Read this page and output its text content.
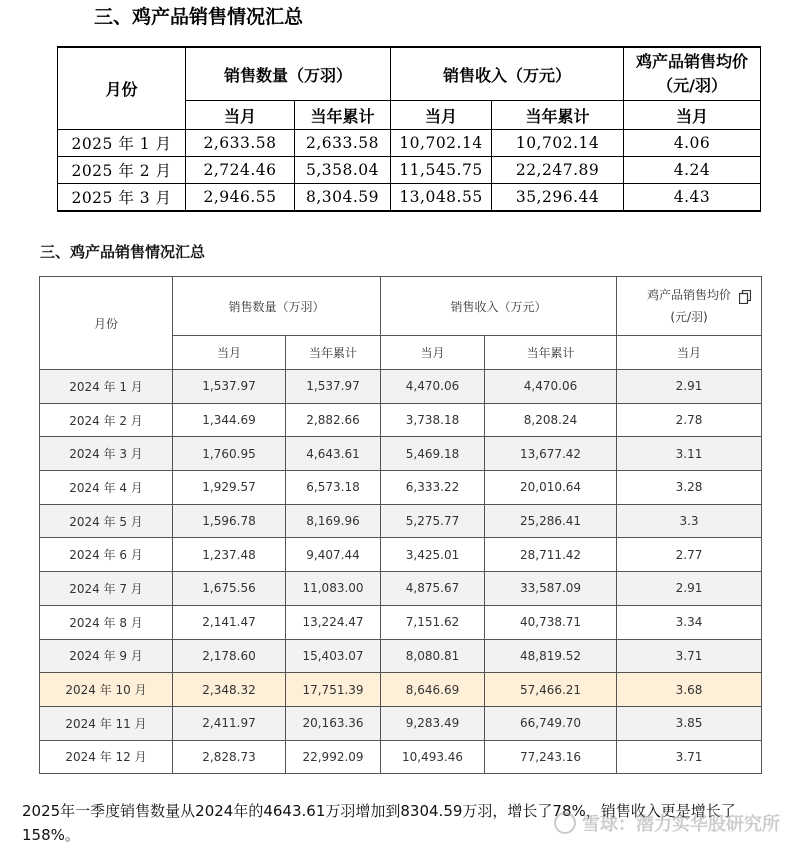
三、鸡产品销售情况汇总
月份	销售数量（万羽）		销售收入（万元）		鸡产品销售均价（元/羽）
	当月	当年累计	当月	当年累计	当月
2025 年 1 月	2,633.58	2,633.58	10,702.14	10,702.14	4.06
2025 年 2 月	2,724.46	5,358.04	11,545.75	22,247.89	4.24
2025 年 3 月	2,946.55	8,304.59	13,048.55	35,296.44	4.43
三、鸡产品销售情况汇总
月份	销售数量（万羽）		销售收入（万元）		鸡产品销售均价
(元/羽)

	当月	当年累计	当月	当年累计	当月
2024 年 1 月	1,537.97	1,537.97	4,470.06	4,470.06	2.91
2024 年 2 月	1,344.69	2,882.66	3,738.18	8,208.24	2.78
2024 年 3 月	1,760.95	4,643.61	5,469.18	13,677.42	3.11
2024 年 4 月	1,929.57	6,573.18	6,333.22	20,010.64	3.28
2024 年 5 月	1,596.78	8,169.96	5,275.77	25,286.41	3.3
2024 年 6 月	1,237.48	9,407.44	3,425.01	28,711.42	2.77
2024 年 7 月	1,675.56	11,083.00	4,875.67	33,587.09	2.91
2024 年 8 月	2,141.47	13,224.47	7,151.62	40,738.71	3.34
2024 年 9 月	2,178.60	15,403.07	8,080.81	48,819.52	3.71
2024 年 10 月	2,348.32	17,751.39	8,646.69	57,466.21	3.68
2024 年 11 月	2,411.97	20,163.36	9,283.49	66,749.70	3.85
2024 年 12 月	2,828.73	22,992.09	10,493.46	77,243.16	3.71
2025年一季度销售数量从2024年的4643.61万羽增加到8304.59万羽，增长了78%，销售收入更是增长了158%。	雪球：潜力实华股研究所
